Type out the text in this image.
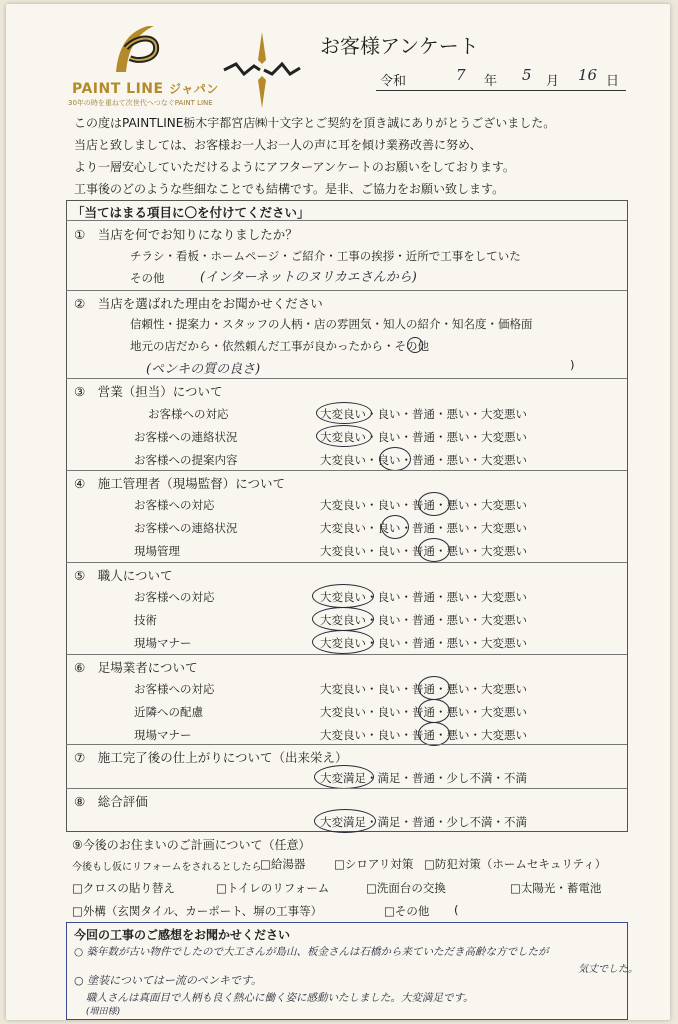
PAINT LINE ジャパン
30年の時を重ねて次世代へつなぐPAINT LINE
お客様アンケート
令和	7 年 5 月 16 日
この度はPAINTLINE栃木宇都宮店㈱十文字とご契約を頂き誠にありがとうございました。
当店と致しましては、お客様お一人お一人の声に耳を傾け業務改善に努め、
より一層安心していただけるようにアフターアンケートのお願いをしております。
工事後のどのような些細なことでも結構です。是非、ご協力をお願い致します。
「当てはまる項目に〇を付けてください」
①　当店を何でお知りになりましたか？
チラシ・看板・ホームページ・ご紹介・工事の挨拶・近所で工事をしていた
その他	(インターネットのヌリカエさんから)
②　当店を選ばれた理由をお聞かせください
信頼性・提案力・スタッフの人柄・店の雰囲気・知人の紹介・知名度・価格面
地元の店だから・依然頼んだ工事が良かったから・その他
(ペンキの質の良さ)	)
③　営業（担当）について
お客様への対応	大変良い・良い・普通・悪い・大変悪い
お客様への連絡状況	大変良い・良い・普通・悪い・大変悪い
お客様への提案内容	大変良い・良い・普通・悪い・大変悪い
④　施工管理者（現場監督）について
お客様への対応	大変良い・良い・普通・悪い・大変悪い
お客様への連絡状況	大変良い・良い・普通・悪い・大変悪い
現場管理	大変良い・良い・普通・悪い・大変悪い
⑤　職人について
お客様への対応	大変良い・良い・普通・悪い・大変悪い
技術	大変良い・良い・普通・悪い・大変悪い
現場マナー	大変良い・良い・普通・悪い・大変悪い
⑥　足場業者について
お客様への対応	大変良い・良い・普通・悪い・大変悪い
近隣への配慮	大変良い・良い・普通・悪い・大変悪い
現場マナー	大変良い・良い・普通・悪い・大変悪い
⑦　施工完了後の仕上がりについて（出来栄え）
大変満足・満足・普通・少し不満・不満
⑧　総合評価
大変満足・満足・普通・少し不満・不満
⑨今後のお住まいのご計画について（任意）
今後もし仮にリフォームをされるとしたら
□給湯器 □シロアリ対策 □防犯対策（ホームセキュリティ）
□クロスの貼り替え	□トイレのリフォーム	□洗面台の交換	□太陽光・蓄電池
□外構（玄関タイル、カーポート、塀の工事等）	□その他 (
今回の工事のご感想をお聞かせください
○ 築年数が古い物件でしたので大工さんが島山、板金さんは石橋から来ていただき高齢な方でしたが
気丈でした。
○ 塗装についてはー流のペンキです。
職人さんは真面目で人柄も良く熱心に働く姿に感動いたしました。大変満足です。
(増田様)
